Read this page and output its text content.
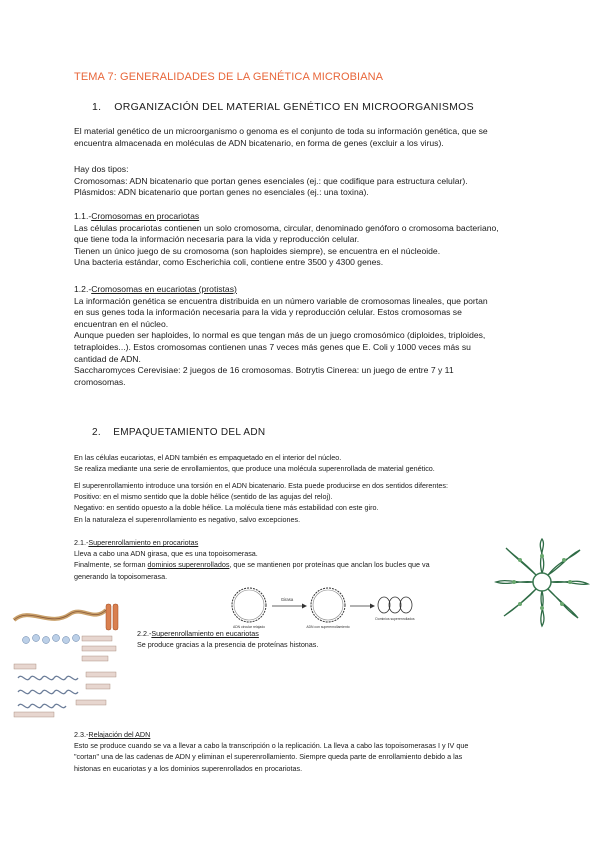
TEMA 7: GENERALIDADES DE LA GENÉTICA MICROBIANA
1. ORGANIZACIÓN DEL MATERIAL GENÉTICO EN MICROORGANISMOS
El material genético de un microorganismo o genoma es el conjunto de toda su información genética, que se
encuentra almacenada en moléculas de ADN bicatenario, en forma de genes (excluir a los virus).
Hay dos tipos:
Cromosomas: ADN bicatenario que portan genes esenciales (ej.: que codifique para estructura celular).
Plásmidos: ADN bicatenario que portan genes no esenciales (ej.: una toxina).
1.1.-Cromosomas en procariotas
Las células procariotas contienen un solo cromosoma, circular, denominado genóforo o cromosoma bacteriano,
que tiene toda la información necesaria para la vida y reproducción celular.
Tienen un único juego de su cromosoma (son haploides siempre), se encuentra en el núcleoide.
Una bacteria estándar, como Escherichia coli, contiene entre 3500 y 4300 genes.
1.2.-Cromosomas en eucariotas (protistas)
La información genética se encuentra distribuida en un número variable de cromosomas lineales, que portan
en sus genes toda la información necesaria para la vida y reproducción celular. Estos cromosomas se
encuentran en el núcleo.
Aunque pueden ser haploides, lo normal es que tengan más de un juego cromosómico (diploides, triploides,
tetraploides...). Estos cromosomas contienen unas 7 veces más genes que E. Coli y 1000 veces más su
cantidad de ADN.
Saccharomyces Cerevisiae: 2 juegos de 16 cromosomas. Botrytis Cinerea: un juego de entre 7 y 11
cromosomas.
2. EMPAQUETAMIENTO DEL ADN
En las células eucariotas, el ADN también es empaquetado en el interior del núcleo.
Se realiza mediante una serie de enrollamientos, que produce una molécula superenrollada de material genético.
El superenrollamiento introduce una torsión en el ADN bicatenario. Esta puede producirse en dos sentidos diferentes:
Positivo: en el mismo sentido que la doble hélice (sentido de las agujas del reloj).
Negativo: en sentido opuesto a la doble hélice. La molécula tiene más estabilidad con este giro.
En la naturaleza el superenrollamiento es negativo, salvo excepciones.
2.1.-Superenrollamiento en procariotas
Lleva a cabo una ADN girasa, que es una topoisomerasa.
Finalmente, se forman dominios superenrollados, que se mantienen por proteínas que anclan los bucles que va
generando la topoisomerasa.
Girasa
ADN circular relajado	ADN con superenrollamiento
Dominios superenrollados
2.2.-Superenrollamiento en eucariotas
Se produce gracias a la presencia de proteínas histonas.
2.3.-Relajación del ADN
Esto se produce cuando se va a llevar a cabo la transcripción o la replicación. La lleva a cabo las topoisomerasas I y IV que
"cortan" una de las cadenas de ADN y eliminan el superenrollamiento. Siempre queda parte de enrollamiento debido a las
histonas en eucariotas y a los dominios superenrollados en procariotas.
